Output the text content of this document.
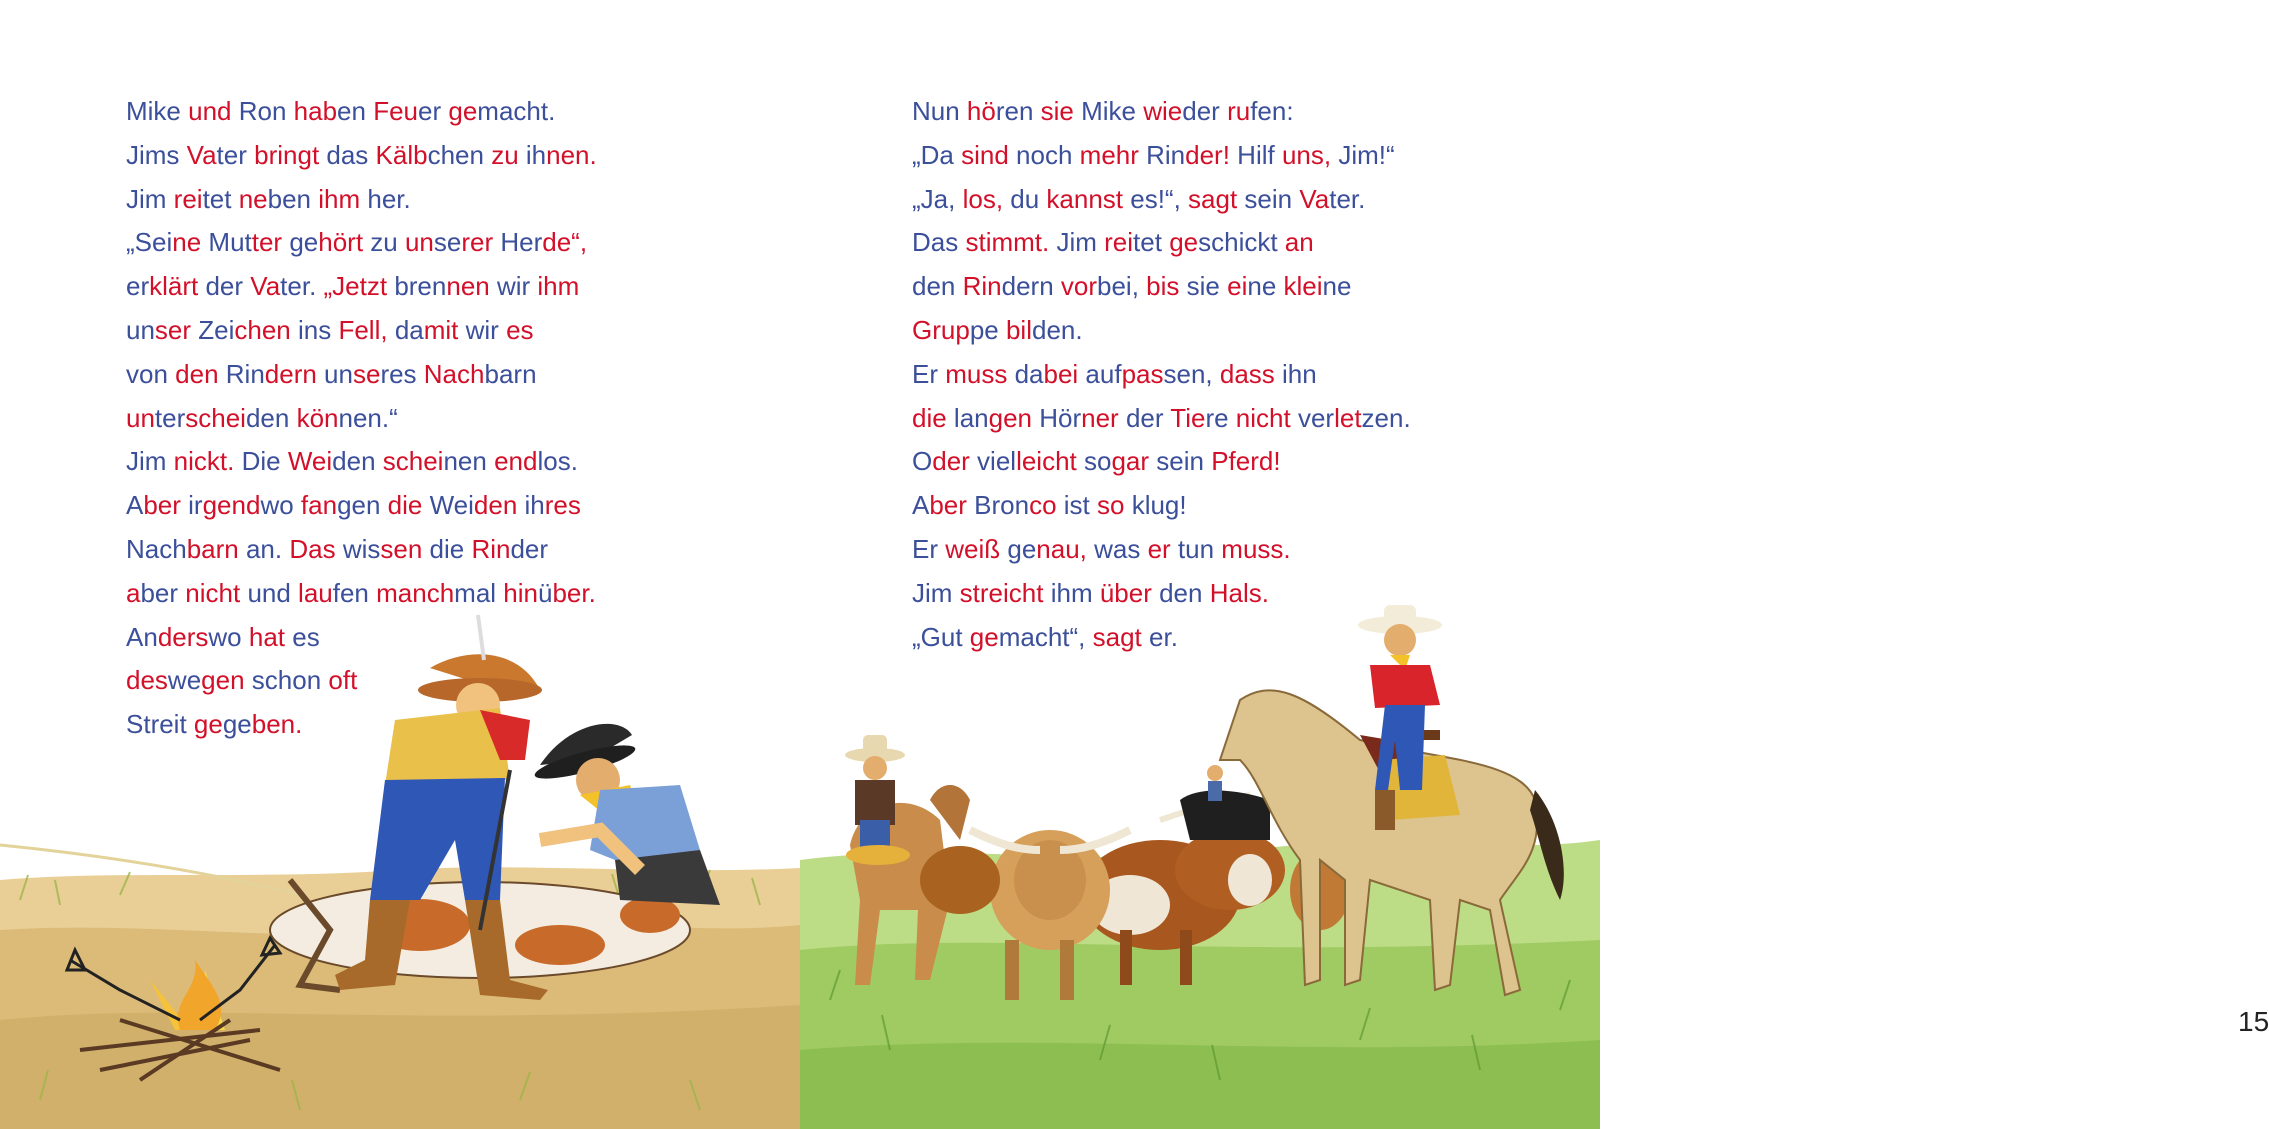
Mike und Ron haben Feuer gemacht.
Jims Vater bringt das Kälbchen zu ihnen.
Jim reitet neben ihm her.
„Seine Mutter gehört zu unserer Herde“,
erklärt der Vater. „Jetzt brennen wir ihm
unser Zeichen ins Fell, damit wir es
von den Rindern unseres Nachbarn
unterscheiden können.“
Jim nickt. Die Weiden scheinen endlos.
Aber irgendwo fangen die Weiden ihres
Nachbarn an. Das wissen die Rinder
aber nicht und laufen manchmal hinüber.
Anderswo hat es
deswegen schon oft
Streit gegeben.
15
Nun hören sie Mike wieder rufen:
„Da sind noch mehr Rinder! Hilf uns, Jim!“
„Ja, los, du kannst es!“, sagt sein Vater.
Das stimmt. Jim reitet geschickt an
den Rindern vorbei, bis sie eine kleine
Gruppe bilden.
Er muss dabei aufpassen, dass ihn
die langen Hörner der Tiere nicht verletzen.
Oder vielleicht sogar sein Pferd!
Aber Bronco ist so klug!
Er weiß genau, was er tun muss.
Jim streicht ihm über den Hals.
„Gut gemacht“, sagt er.
